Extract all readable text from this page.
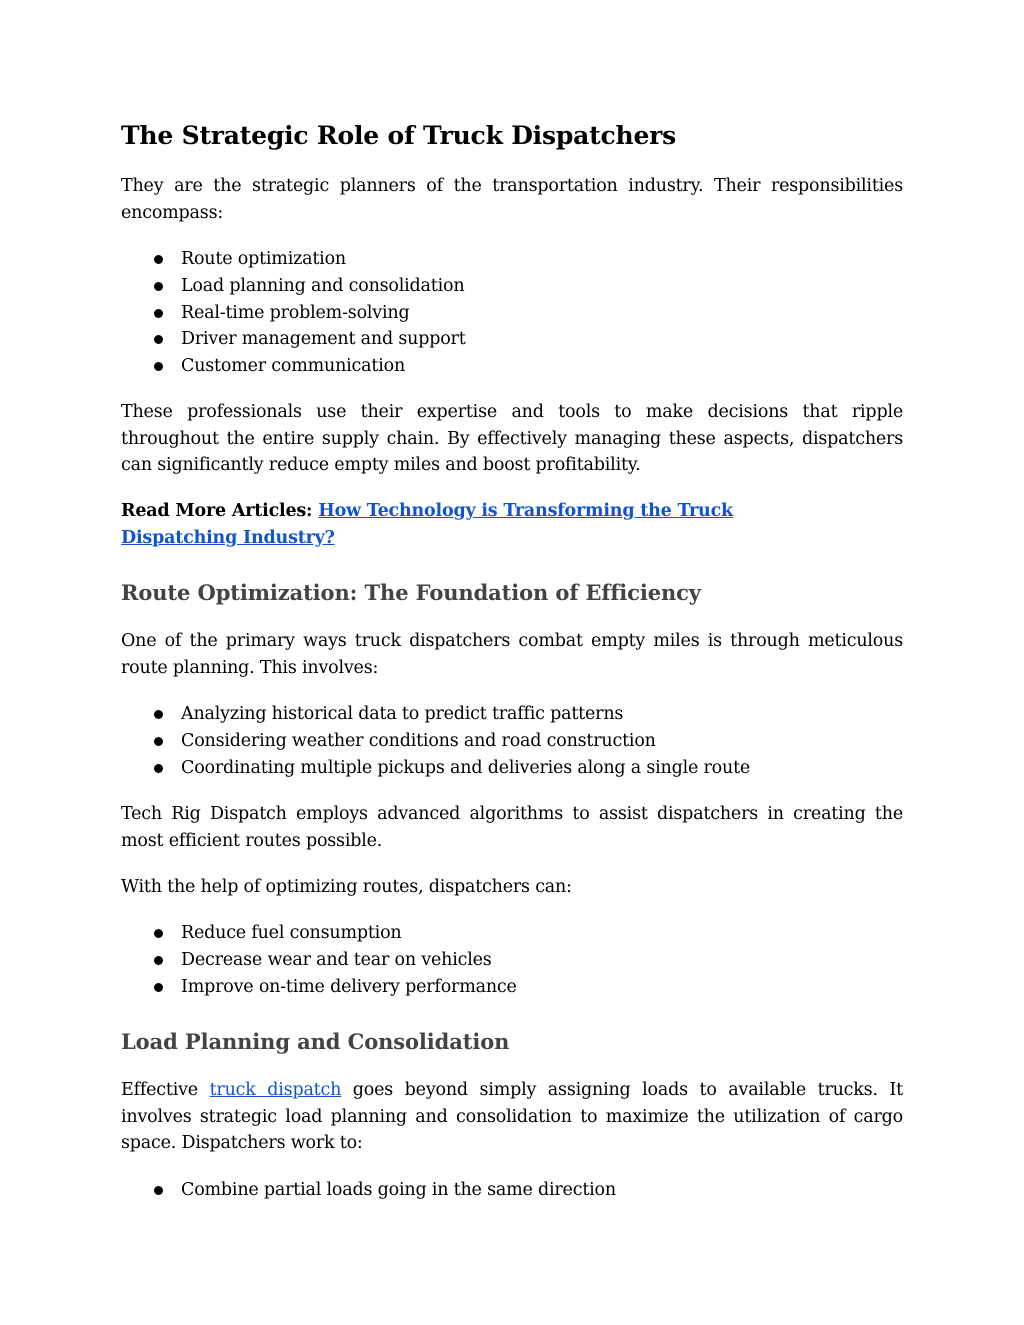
The Strategic Role of Truck Dispatchers

They are the strategic planners of the transportation industry. Their responsibilities encompass:

Route optimization
Load planning and consolidation
Real-time problem-solving
Driver management and support
Customer communication

These professionals use their expertise and tools to make decisions that ripple throughout the entire supply chain. By effectively managing these aspects, dispatchers can significantly reduce empty miles and boost profitability.

Read More Articles: How Technology is Transforming the Truck
Dispatching Industry?

Route Optimization: The Foundation of Efficiency

One of the primary ways truck dispatchers combat empty miles is through meticulous route planning. This involves:

Analyzing historical data to predict traffic patterns
Considering weather conditions and road construction
Coordinating multiple pickups and deliveries along a single route

Tech Rig Dispatch employs advanced algorithms to assist dispatchers in creating the most efficient routes possible.

With the help of optimizing routes, dispatchers can:

Reduce fuel consumption
Decrease wear and tear on vehicles
Improve on-time delivery performance
Load Planning and Consolidation

Effective truck dispatch goes beyond simply assigning loads to available trucks. It involves strategic load planning and consolidation to maximize the utilization of cargo space. Dispatchers work to:

Combine partial loads going in the same direction
